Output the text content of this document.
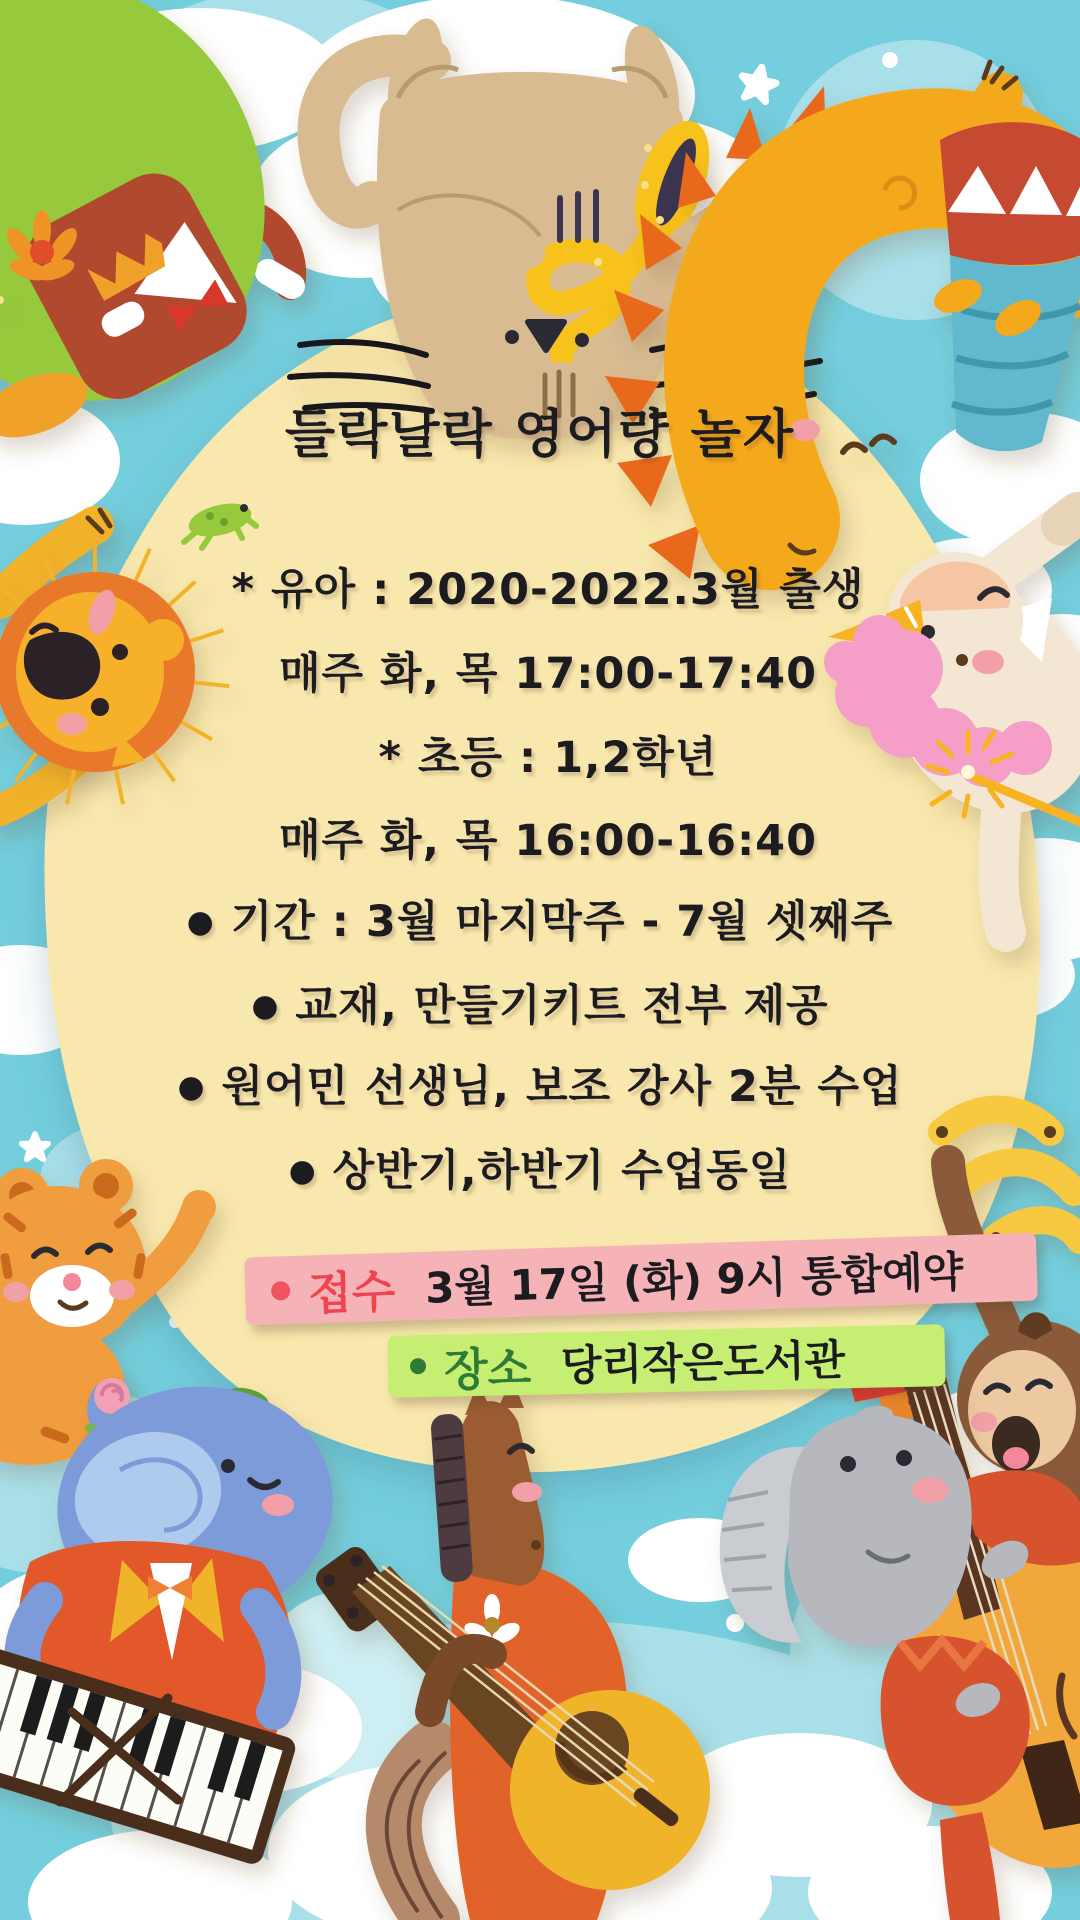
들락날락 영어랑 놀자
* 유아 : 2020-2022.3월 출생
매주 화, 목 17:00-17:40
* 초등 : 1,2학년
매주 화, 목 16:00-16:40
● 기간 : 3월 마지막주 - 7월 셋째주
● 교재, 만들기키트 전부 제공
● 원어민 선생님, 보조 강사 2분 수업
● 상반기,하반기 수업동일
접수 3월 17일 (화) 9시 통합예약
장소 당리작은도서관
